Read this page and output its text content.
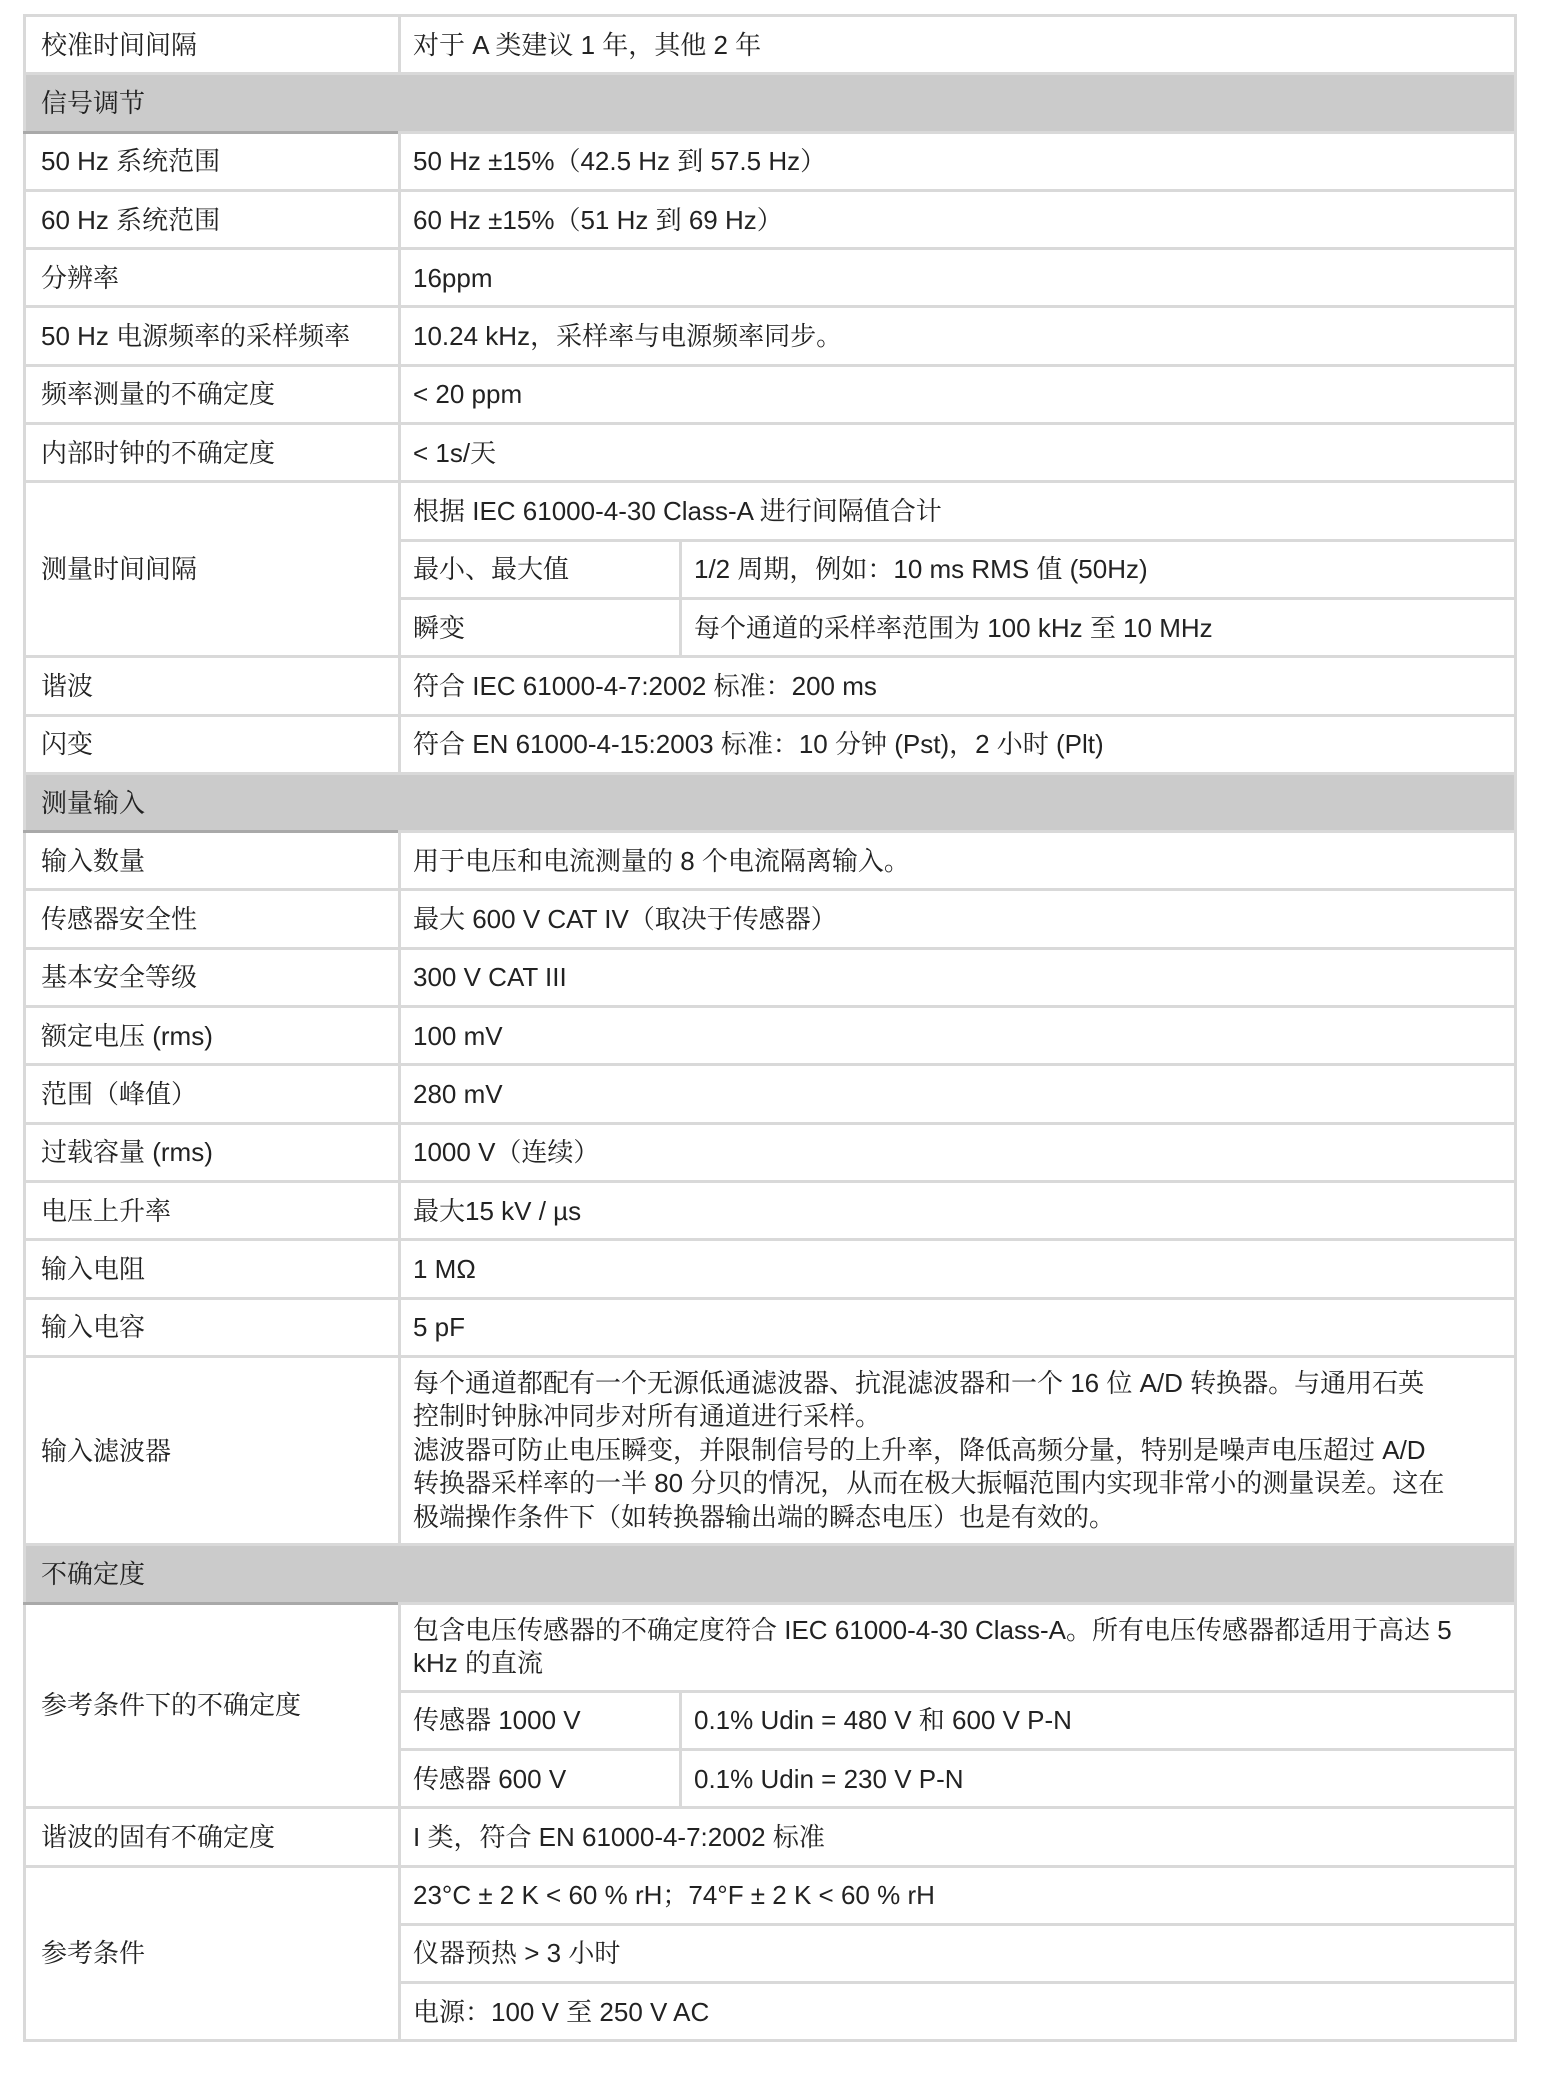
校准时间间隔	对于 A 类建议 1 年，其他 2 年	
信号调节		
50 Hz 系统范围	50 Hz ±15%（42.5 Hz 到 57.5 Hz）	
60 Hz 系统范围	60 Hz ±15%（51 Hz 到 69 Hz）	
分辨率	16ppm	
50 Hz 电源频率的采样频率	10.24 kHz，采样率与电源频率同步。	
频率测量的不确定度	< 20 ppm	
内部时钟的不确定度	< 1s/天	
测量时间间隔	根据 IEC 61000-4-30 Class-A 进行间隔值合计	
	最小、最大值	1/2 周期，例如：10 ms RMS 值 (50Hz)
	瞬变	每个通道的采样率范围为 100 kHz 至 10 MHz
谐波	符合 IEC 61000-4-7:2002 标准：200 ms	
闪变	符合 EN 61000-4-15:2003 标准：10 分钟 (Pst)，2 小时 (Plt)	
测量输入		
输入数量	用于电压和电流测量的 8 个电流隔离输入。	
传感器安全性	最大 600 V CAT IV（取决于传感器）	
基本安全等级	300 V CAT III	
额定电压 (rms)	100 mV	
范围（峰值）	280 mV	
过载容量 (rms)	1000 V（连续）	
电压上升率	最大15 kV / µs	
输入电阻	1 MΩ	
输入电容	5 pF	
输入滤波器	每个通道都配有一个无源低通滤波器、抗混滤波器和一个 16 位 A/D 转换器。与通用石英
控制时钟脉冲同步对所有通道进行采样。
滤波器可防止电压瞬变，并限制信号的上升率，降低高频分量，特别是噪声电压超过 A/D
转换器采样率的一半 80 分贝的情况，从而在极大振幅范围内实现非常小的测量误差。这在
极端操作条件下（如转换器输出端的瞬态电压）也是有效的。	

不确定度		
参考条件下的不确定度	包含电压传感器的不确定度符合 IEC 61000-4-30 Class-A。所有电压传感器都适用于高达 5
kHz 的直流	

	传感器 1000 V	0.1% Udin = 480 V 和 600 V P-N
	传感器 600 V	0.1% Udin = 230 V P-N
谐波的固有不确定度	I 类，符合 EN 61000-4-7:2002 标准	
参考条件	23°C ± 2 K < 60 % rH；74°F ± 2 K < 60 % rH	
	仪器预热 > 3 小时	
	电源：100 V 至 250 V AC	
